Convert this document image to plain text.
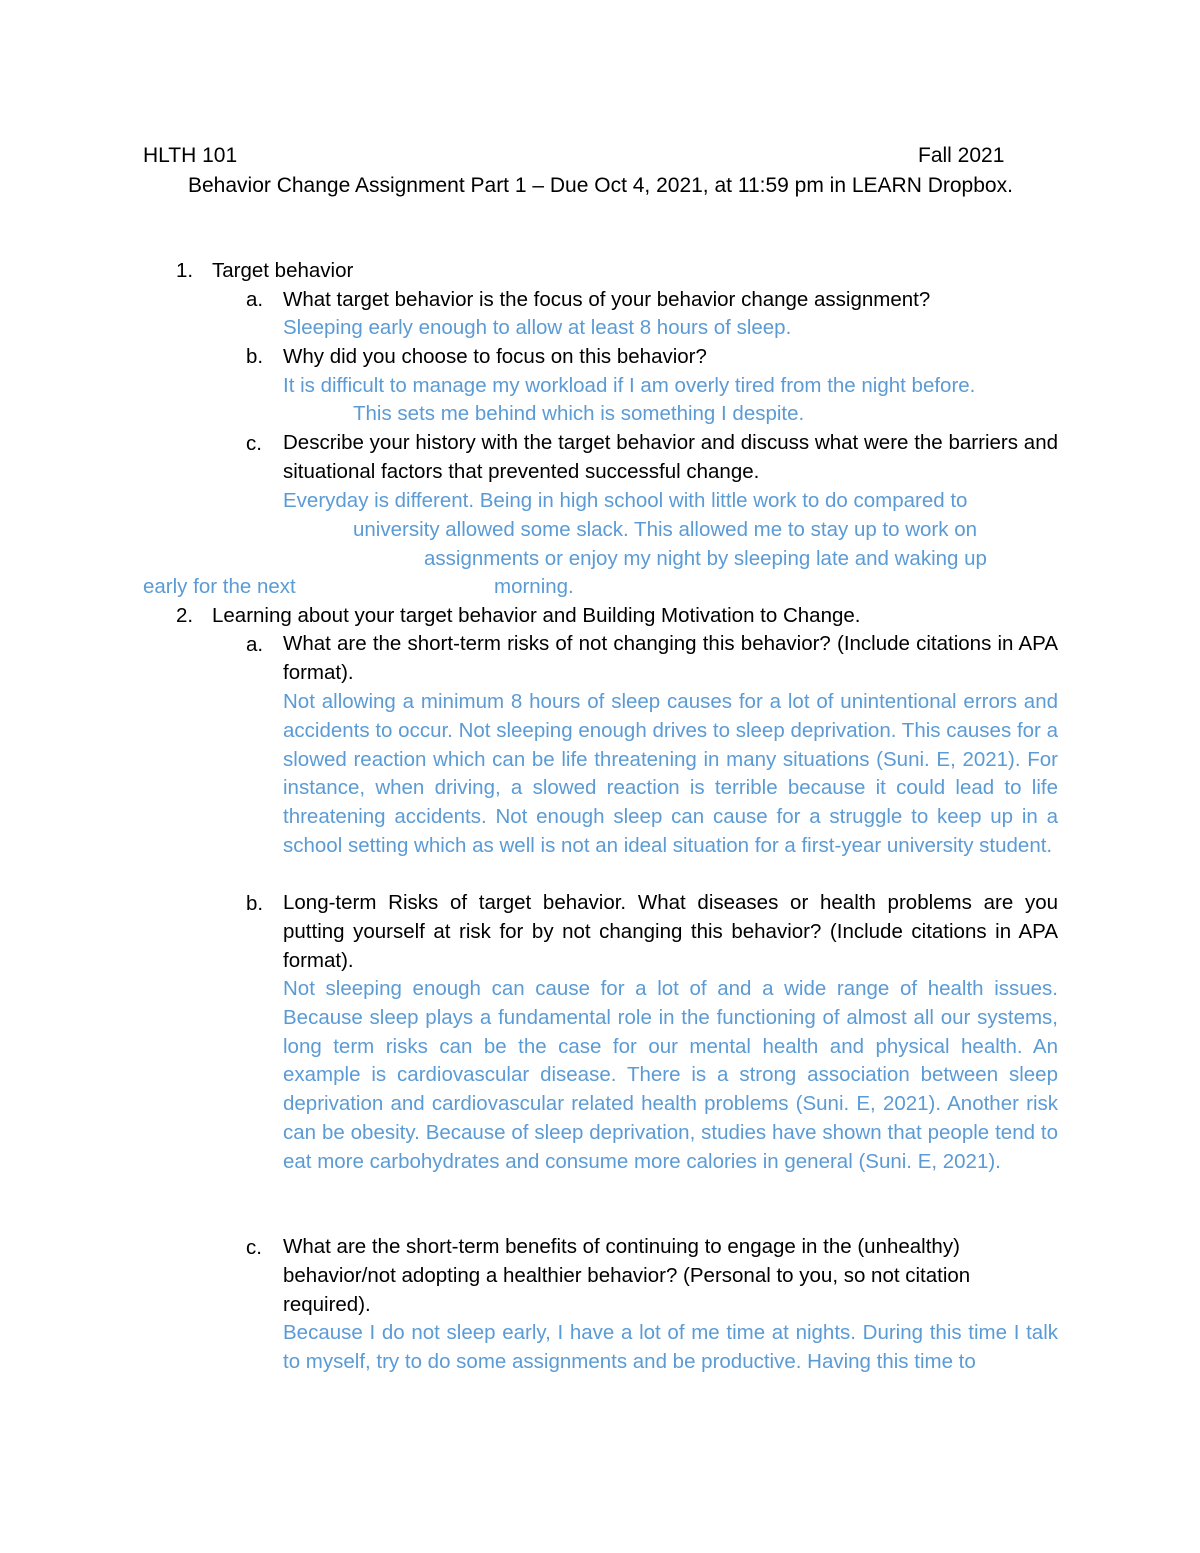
HLTH 101	Fall 2021
Behavior Change Assignment Part 1 – Due Oct 4, 2021, at 11:59 pm in LEARN Dropbox.
1. Target behavior
a. What target behavior is the focus of your behavior change assignment?
Sleeping early enough to allow at least 8 hours of sleep.
b. Why did you choose to focus on this behavior?
It is difficult to manage my workload if I am overly tired from the night before.
This sets me behind which is something I despite.
c. Describe your history with the target behavior and discuss what were the barriers and situational factors that prevented successful change.
Everyday is different. Being in high school with little work to do compared to
university allowed some slack. This allowed me to stay up to work on
assignments or enjoy my night by sleeping late and waking up
early for the next	morning.
2. Learning about your target behavior and Building Motivation to Change.
a. What are the short-term risks of not changing this behavior? (Include citations in APA format).
Not allowing a minimum 8 hours of sleep causes for a lot of unintentional errors and accidents to occur. Not sleeping enough drives to sleep deprivation. This causes for a slowed reaction which can be life threatening in many situations (Suni. E, 2021). For instance, when driving, a slowed reaction is terrible because it could lead to life threatening accidents. Not enough sleep can cause for a struggle to keep up in a school setting which as well is not an ideal situation for a first-year university student.
b. Long-term Risks of target behavior. What diseases or health problems are you putting yourself at risk for by not changing this behavior? (Include citations in APA format).
Not sleeping enough can cause for a lot of and a wide range of health issues. Because sleep plays a fundamental role in the functioning of almost all our systems, long term risks can be the case for our mental health and physical health. An example is cardiovascular disease. There is a strong association between sleep deprivation and cardiovascular related health problems (Suni. E, 2021). Another risk can be obesity. Because of sleep deprivation, studies have shown that people tend to eat more carbohydrates and consume more calories in general (Suni. E, 2021).
c. What are the short-term benefits of continuing to engage in the (unhealthy) behavior/not adopting a healthier behavior? (Personal to you, so not citation required).
Because I do not sleep early, I have a lot of me time at nights. During this time I talk to myself, try to do some assignments and be productive. Having this time to
